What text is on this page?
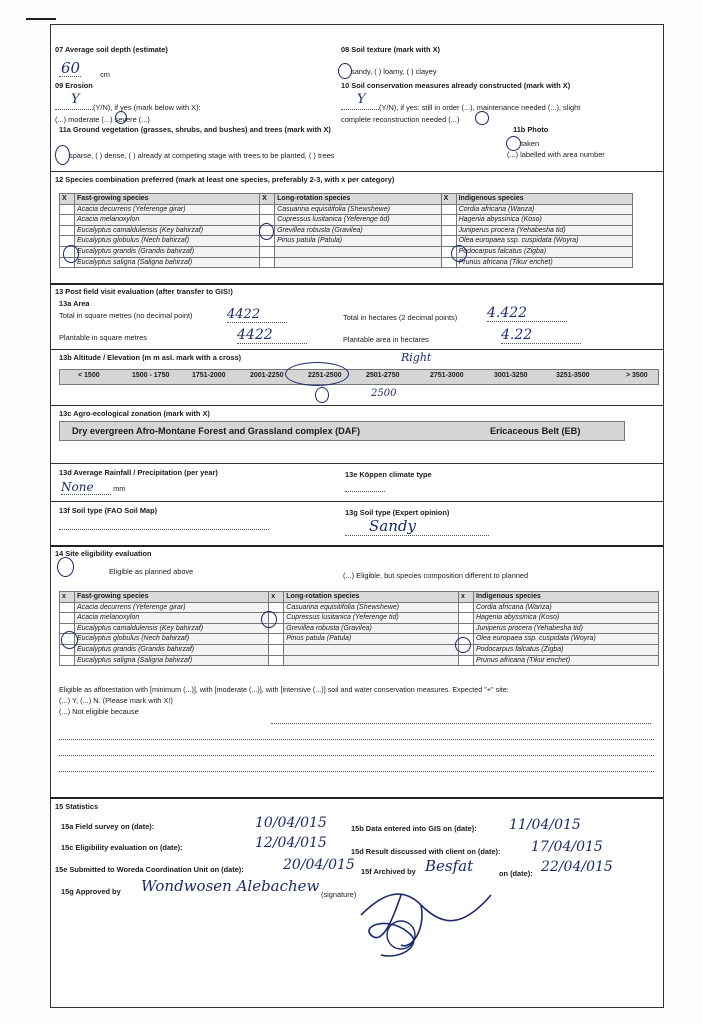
07 Average soil depth (estimate)
60	cm
08 Soil texture (mark with X)
sandy, ( ) loamy, ( ) clayey
09 Erosion
(Y/N), if yes (mark below with X):
Y
(...) moderate (...) severe (...)
10 Soil conservation measures already constructed (mark with X)
(Y/N), if yes: still in order (...), maintenance needed (...), slight
Y
complete reconstruction needed (...)
11a Ground vegetation (grasses, shrubs, and bushes) and trees (mark with X)
sparse, ( ) dense, ( ) already at competing stage with trees to be planted, ( ) trees
11b Photo
taken
(...) labelled with area number
12 Species combination preferred (mark at least one species, preferably 2-3, with x per category)
X	Fast-growing species	X	Long-rotation species	X	Indigenous species
	Acacia decurrens (Yeferenge girar)		Casuarina equisitifolia (Shewshewe)		Cordia africana (Wanza)
	Acacia melanoxylon		Cupressus lusitanica (Yeferenge tid)		Hagenia abyssinica (Koso)
	Eucalyptus camaldulensis (Key bahirzaf)		Grevillea robusta (Gravilea)		Juniperus procera (Yehabesha tid)
	Eucalyptus globulus (Nech bahirzaf)		Pinus patula (Patula)		Olea europaea ssp. cuspidata (Woyra)
	Eucalyptus grandis (Grandis bahirzaf)				Podocarpus falcatus (Zigba)
	Eucalyptus saligna (Saligna bahirzaf)				Prunus africana (Tikur enchet)
13 Post field visit evaluation (after transfer to GIS!)
13a Area
Total in square metres (no decimal point)	4422	Total in hectares (2 decimal points) 4.422
Plantable in square metres	4422	Plantable area in hectares	4.22
13b Altitude / Elevation (m m asl. mark with a cross)	Right
< 1500	1500 - 1750	1751-2000	2001-2250	2251-2500	2501-2750	2751-3000	3001-3250	3251-3500	> 3500
2500
13c Agro-ecological zonation (mark with X)
Dry evergreen Afro-Montane Forest and Grassland complex (DAF)	Ericaceous Belt (EB)
13d Average Rainfall / Precipitation (per year)
None	mm
13e Köppen climate type
13f Soil type (FAO Soil Map)	13g Soil type (Expert opinion)
Sandy
14 Site eligibility evaluation
Eligible as planned above	(...) Eligible, but species composition different to planned
x	Fast-growing species	x	Long-rotation species	x	Indigenous species
	Acacia decurrens (Yeferenge girar)		Casuarina equisitifolia (Shewshewe)		Cordia africana (Wanza)
	Acacia melanoxylon		Cupressus lusitanica (Yeferenge tid)		Hagenia abyssinica (Koso)
	Eucalyptus camaldulensis (Key bahirzaf)		Grevillea robusta (Gravilea)		Juniperus procera (Yehabesha tid)
	Eucalyptus globulus (Nech bahirzaf)		Pinus patula (Patula)		Olea europaea ssp. cuspidata (Woyra)
	Eucalyptus grandis (Grandis bahirzaf)				Podocarpus falcatus (Zigba)
	Eucalyptus saligna (Saligna bahirzaf)				Prunus africana (Tikur enchet)
Eligible as afforestation with [minimum (...)], with [moderate (...)], with [intensive (...)] soil and water conservation measures. Expected "+" site:
(...) Y, (...) N. (Please mark with X!)
(...) Not eligible because
15 Statistics
15a Field survey on (date):	10/04/015	15b Data entered into GIS on (date): 11/04/015
15c Eligibility evaluation on (date):	12/04/015
15d Result discussed with client on (date): 17/04/015
15e Submitted to Woreda Coordination Unit on (date):	20/04/015 15f Archived by Besfat	on (date): 22/04/015
15g Approved by Wondwosen Alebachew (signature)
